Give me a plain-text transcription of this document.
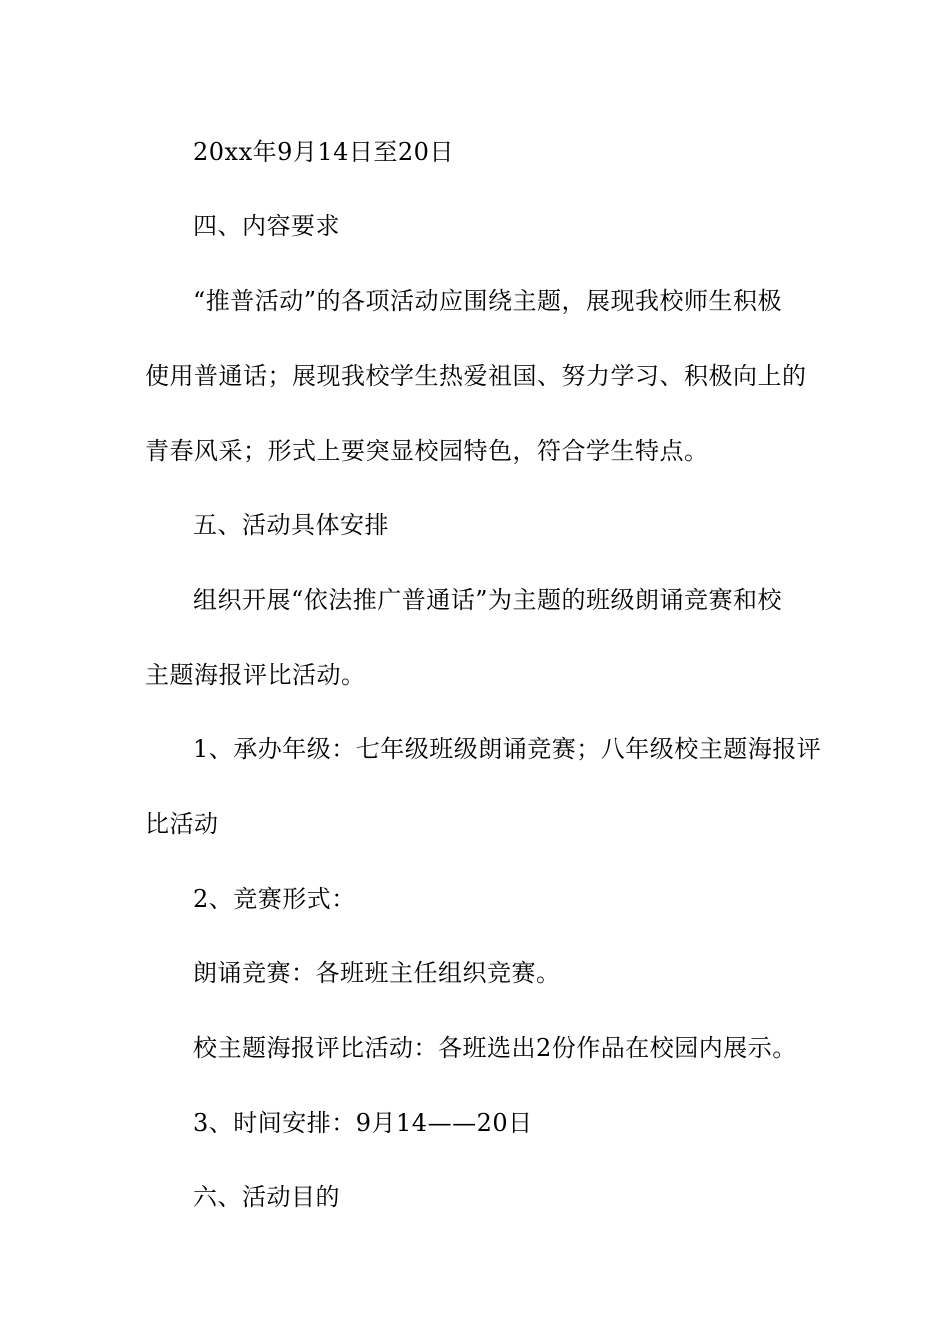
20xx年9月14日至20日
四、内容要求
“推普活动”的各项活动应围绕主题，展现我校师生积极
使用普通话；展现我校学生热爱祖国、努力学习、积极向上的
青春风采；形式上要突显校园特色，符合学生特点。
五、活动具体安排
组织开展“依法推广普通话”为主题的班级朗诵竞赛和校
主题海报评比活动。
1、承办年级：七年级班级朗诵竞赛；八年级校主题海报评
比活动
2、竞赛形式：
朗诵竞赛：各班班主任组织竞赛。
校主题海报评比活动：各班选出2份作品在校园内展示。
3、时间安排：9月14——20日
六、活动目的
